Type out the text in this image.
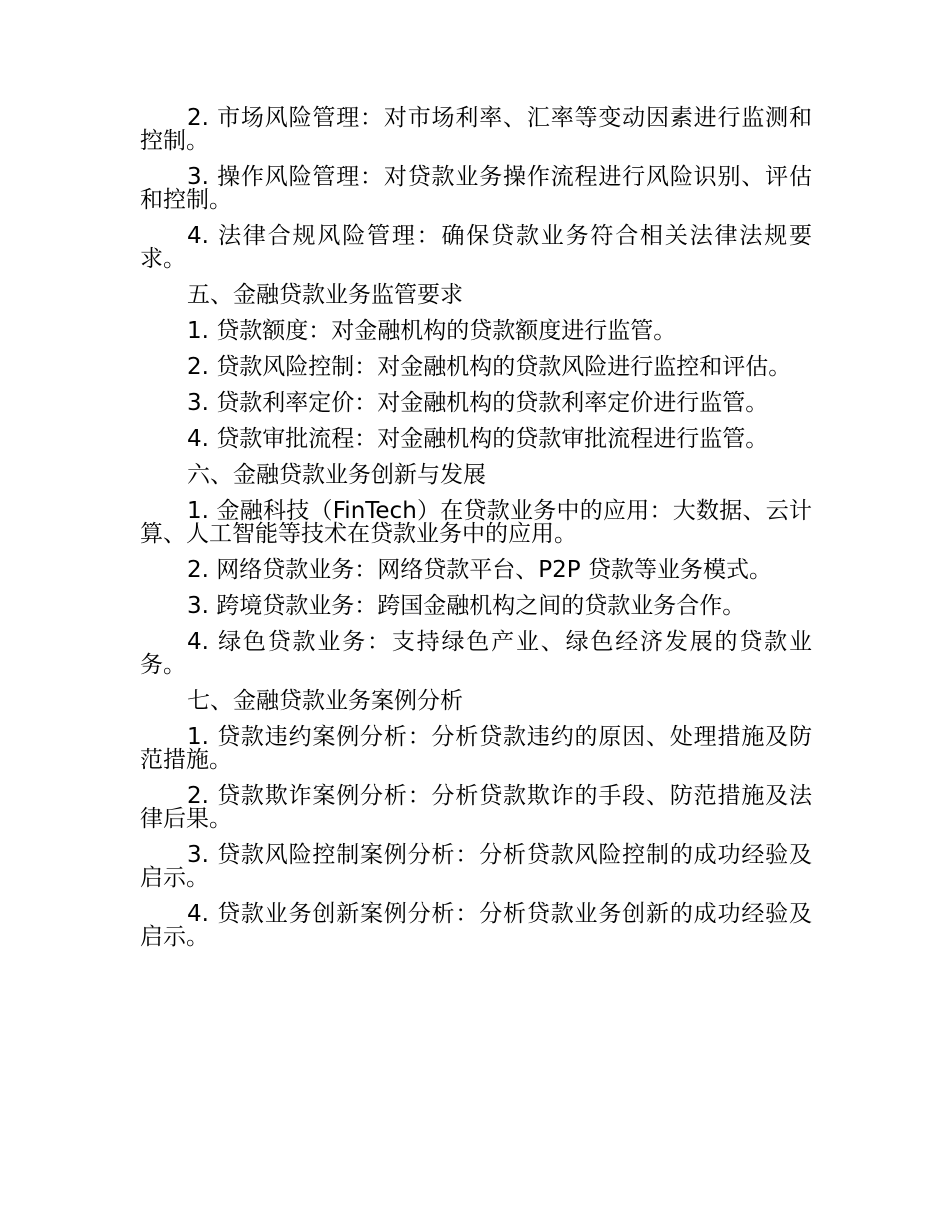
2. 市场风险管理：对市场利率、汇率等变动因素进行监测和控制。

3. 操作风险管理：对贷款业务操作流程进行风险识别、评估和控制。

4. 法律合规风险管理：确保贷款业务符合相关法律法规要求。

五、金融贷款业务监管要求

1. 贷款额度：对金融机构的贷款额度进行监管。

2. 贷款风险控制：对金融机构的贷款风险进行监控和评估。

3. 贷款利率定价：对金融机构的贷款利率定价进行监管。

4. 贷款审批流程：对金融机构的贷款审批流程进行监管。

六、金融贷款业务创新与发展

1. 金融科技（FinTech）在贷款业务中的应用：大数据、云计算、人工智能等技术在贷款业务中的应用。

2. 网络贷款业务：网络贷款平台、P2P 贷款等业务模式。

3. 跨境贷款业务：跨国金融机构之间的贷款业务合作。

4. 绿色贷款业务：支持绿色产业、绿色经济发展的贷款业务。

七、金融贷款业务案例分析

1. 贷款违约案例分析：分析贷款违约的原因、处理措施及防范措施。

2. 贷款欺诈案例分析：分析贷款欺诈的手段、防范措施及法律后果。

3. 贷款风险控制案例分析：分析贷款风险控制的成功经验及启示。

4. 贷款业务创新案例分析：分析贷款业务创新的成功经验及启示。
